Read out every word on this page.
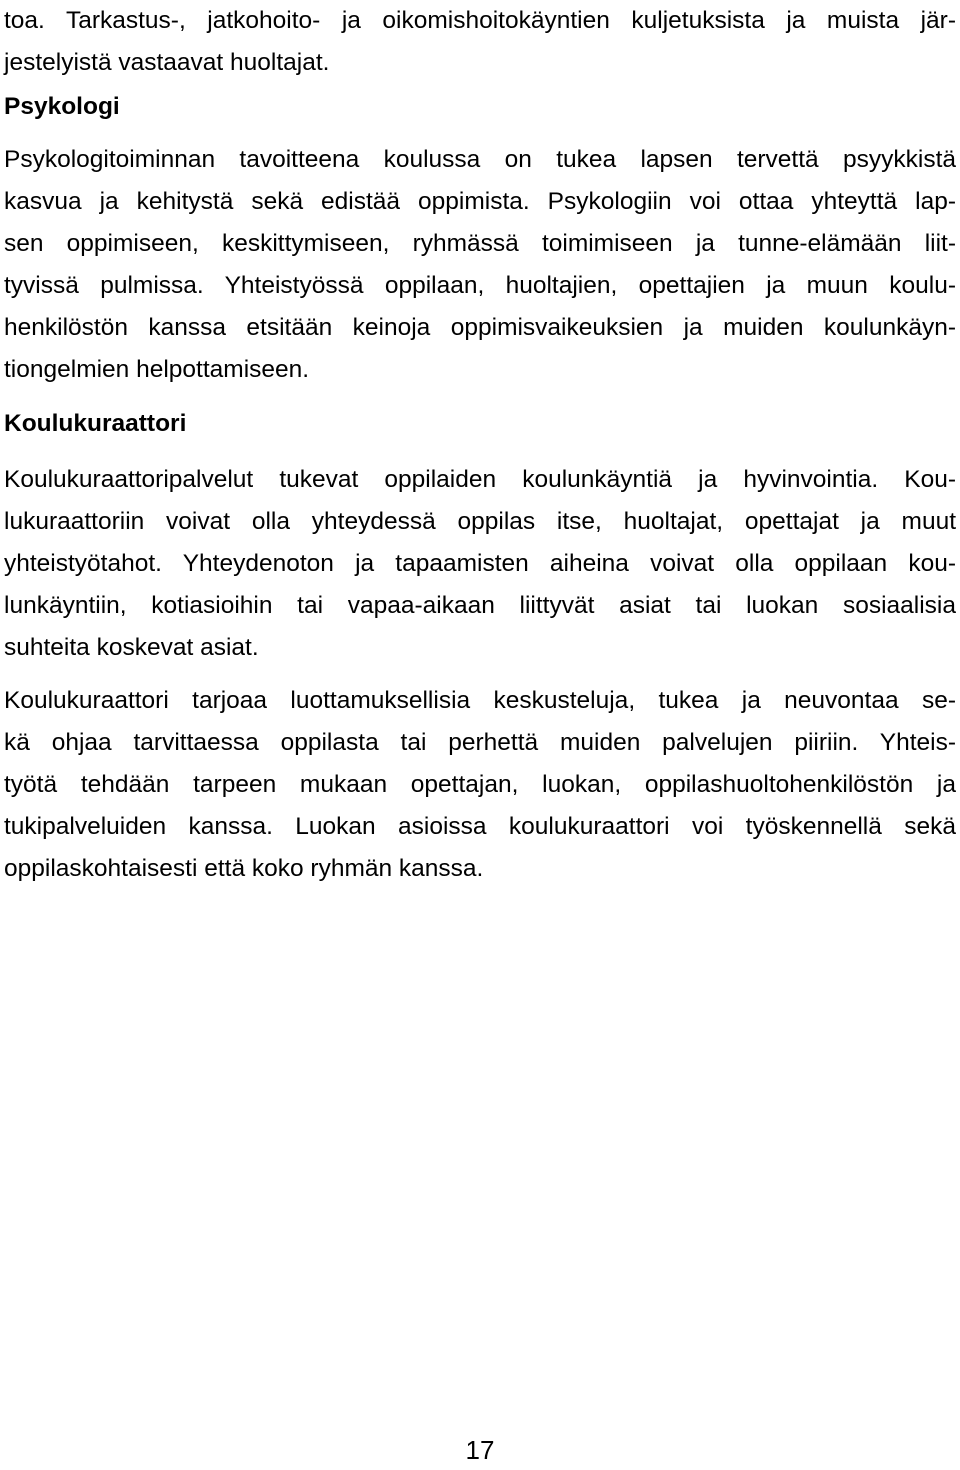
toa. Tarkastus-, jatkohoito- ja oikomishoitokäyntien kuljetuksista ja muista jär-
jestelyistä vastaavat huoltajat.
Psykologi
Psykologitoiminnan tavoitteena koulussa on tukea lapsen tervettä psyykkistä
kasvua ja kehitystä sekä edistää oppimista. Psykologiin voi ottaa yhteyttä lap-
sen oppimiseen, keskittymiseen, ryhmässä toimimiseen ja tunne-elämään liit-
tyvissä pulmissa. Yhteistyössä oppilaan, huoltajien, opettajien ja muun koulu-
henkilöstön kanssa etsitään keinoja oppimisvaikeuksien ja muiden koulunkäyn-
tiongelmien helpottamiseen.
Koulukuraattori
Koulukuraattoripalvelut tukevat oppilaiden koulunkäyntiä ja hyvinvointia. Kou-
lukuraattoriin voivat olla yhteydessä oppilas itse, huoltajat, opettajat ja muut
yhteistyötahot. Yhteydenoton ja tapaamisten aiheina voivat olla oppilaan kou-
lunkäyntiin, kotiasioihin tai vapaa-aikaan liittyvät asiat tai luokan sosiaalisia
suhteita koskevat asiat.
Koulukuraattori tarjoaa luottamuksellisia keskusteluja, tukea ja neuvontaa se-
kä ohjaa tarvittaessa oppilasta tai perhettä muiden palvelujen piiriin. Yhteis-
työtä tehdään tarpeen mukaan opettajan, luokan, oppilashuoltohenkilöstön ja
tukipalveluiden kanssa. Luokan asioissa koulukuraattori voi työskennellä sekä
oppilaskohtaisesti että koko ryhmän kanssa.
17
